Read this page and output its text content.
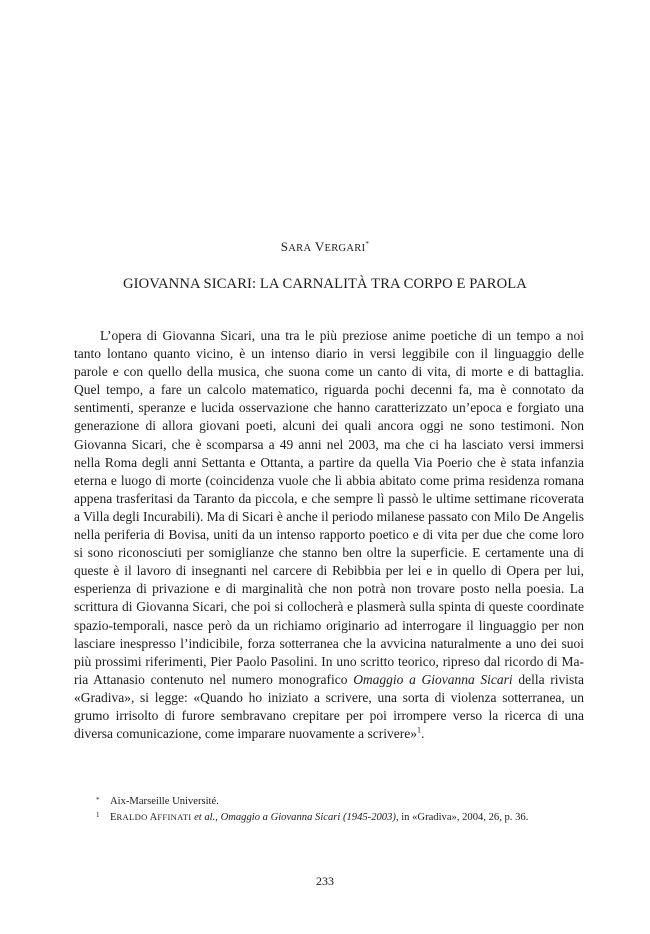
SARA VERGARI*
GIOVANNA SICARI: LA CARNALITÀ TRA CORPO E PAROLA

L’opera di Giovanna Sicari, una tra le più preziose anime poetiche di un tempo a noi tanto lontano quanto vicino, è un intenso diario in versi leggibile con il linguaggio delle parole e con quello della musica, che suona come un canto di vita, di morte e di battaglia. Quel tempo, a fare un calcolo matematico, riguarda pochi decenni fa, ma è connotato da sentimenti, speranze e lucida osservazione che hanno caratterizzato un’epoca e forgiato una generazione di allora giovani poeti, alcuni dei quali ancora oggi ne sono testimoni. Non Giovanna Sicari, che è scomparsa a 49 anni nel 2003, ma che ci ha lasciato versi immersi nella Roma degli anni Settanta e Ottanta, a partire da quella Via Poerio che è stata infanzia eterna e luogo di morte (coincidenza vuole che lì abbia abitato come prima residenza romana appena trasferitasi da Taranto da piccola, e che sempre lì passò le ultime settimane ricoverata a Villa degli Incurabili). Ma di Sicari è anche il periodo milanese passato con Milo De Angelis nella periferia di Bovisa, uniti da un intenso rapporto poetico e di vita per due che come loro si sono riconosciuti per somiglianze che stanno ben oltre la superficie. E certamente una di queste è il lavoro di insegnanti nel carcere di Rebibbia per lei e in quello di Opera per lui, esperienza di privazione e di marginalità che non potrà non trovare posto nella poesia. La scrittura di Giovanna Sicari, che poi si collocherà e plasmerà sulla spinta di queste coordinate spazio-temporali, nasce però da un richiamo originario ad interrogare il linguaggio per non lasciare inespresso l’indicibile, forza sotterranea che la avvicina naturalmente a uno dei suoi più prossimi riferimenti, Pier Paolo Pasolini. In uno scritto teorico, ripreso dal ricordo di Maria Attanasio contenuto nel numero monografico Omaggio a Giovanna Sicari della rivista «Gradiva», si legge: «Quando ho iniziato a scrivere, una sorta di violenza sotterranea, un grumo irrisolto di furore sembravano crepitare per poi irrompere verso la ricerca di una diversa comunicazione, come imparare nuovamente a scrivere»$^1$.

* Aix-Marseille Université.
1 ERALDO AFFINATI et al., Omaggio a Giovanna Sicari (1945-2003), in «Gradiva», 2004, 26, p. 36.
233
